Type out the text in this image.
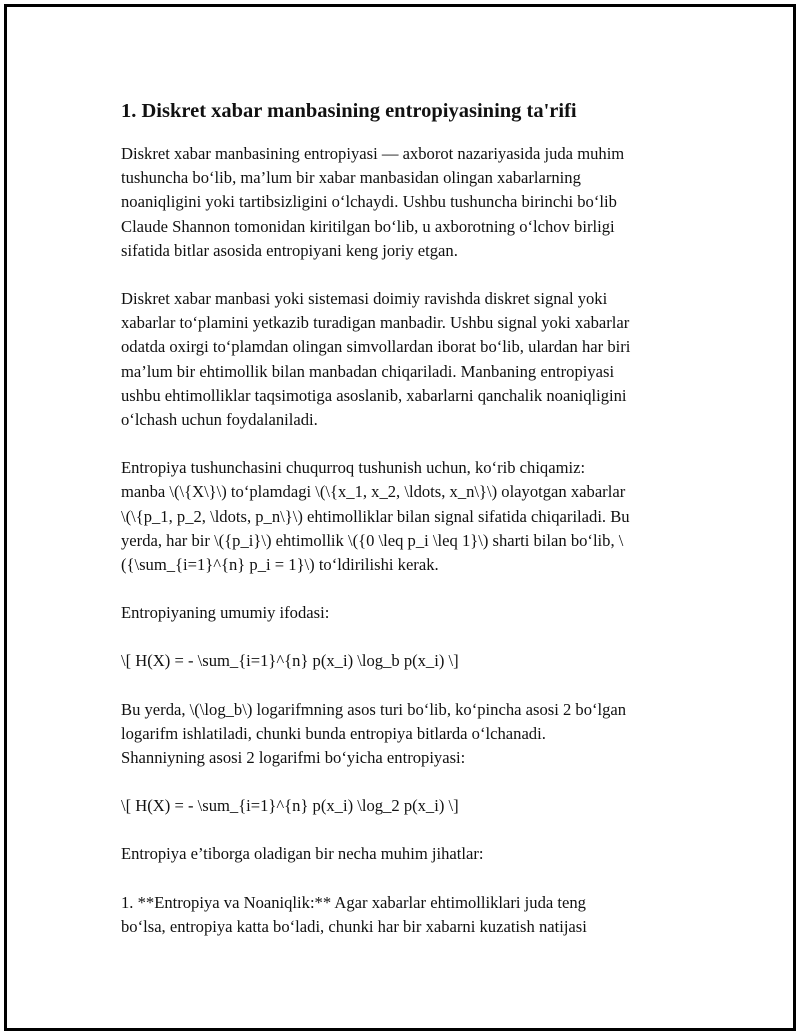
1. Diskret xabar manbasining entropiyasining ta'rifi
Diskret xabar manbasining entropiyasi — axborot nazariyasida juda muhim
tushuncha bo‘lib, ma’lum bir xabar manbasidan olingan xabarlarning
noaniqligini yoki tartibsizligini o‘lchaydi. Ushbu tushuncha birinchi bo‘lib
Claude Shannon tomonidan kiritilgan bo‘lib, u axborotning o‘lchov birligi
sifatida bitlar asosida entropiyani keng joriy etgan.
Diskret xabar manbasi yoki sistemasi doimiy ravishda diskret signal yoki
xabarlar to‘plamini yetkazib turadigan manbadir. Ushbu signal yoki xabarlar
odatda oxirgi to‘plamdan olingan simvollardan iborat bo‘lib, ulardan har biri
ma’lum bir ehtimollik bilan manbadan chiqariladi. Manbaning entropiyasi
ushbu ehtimolliklar taqsimotiga asoslanib, xabarlarni qanchalik noaniqligini
o‘lchash uchun foydalaniladi.
Entropiya tushunchasini chuqurroq tushunish uchun, ko‘rib chiqamiz:
manba \(\{X\}\) to‘plamdagi \(\{x_1, x_2, \ldots, x_n\}\) olayotgan xabarlar
\(\{p_1, p_2, \ldots, p_n\}\) ehtimolliklar bilan signal sifatida chiqariladi. Bu
yerda, har bir \({p_i}\) ehtimollik \({0 \leq p_i \leq 1}\) sharti bilan bo‘lib, \
({\sum_{i=1}^{n} p_i = 1}\) to‘ldirilishi kerak.
Entropiyaning umumiy ifodasi:
\[ H(X) = - \sum_{i=1}^{n} p(x_i) \log_b p(x_i) \]
Bu yerda, \(\log_b\) logarifmning asos turi bo‘lib, ko‘pincha asosi 2 bo‘lgan
logarifm ishlatiladi, chunki bunda entropiya bitlarda o‘lchanadi.
Shanniyning asosi 2 logarifmi bo‘yicha entropiyasi:
\[ H(X) = - \sum_{i=1}^{n} p(x_i) \log_2 p(x_i) \]
Entropiya e’tiborga oladigan bir necha muhim jihatlar:
1. **Entropiya va Noaniqlik:** Agar xabarlar ehtimolliklari juda teng
bo‘lsa, entropiya katta bo‘ladi, chunki har bir xabarni kuzatish natijasi
